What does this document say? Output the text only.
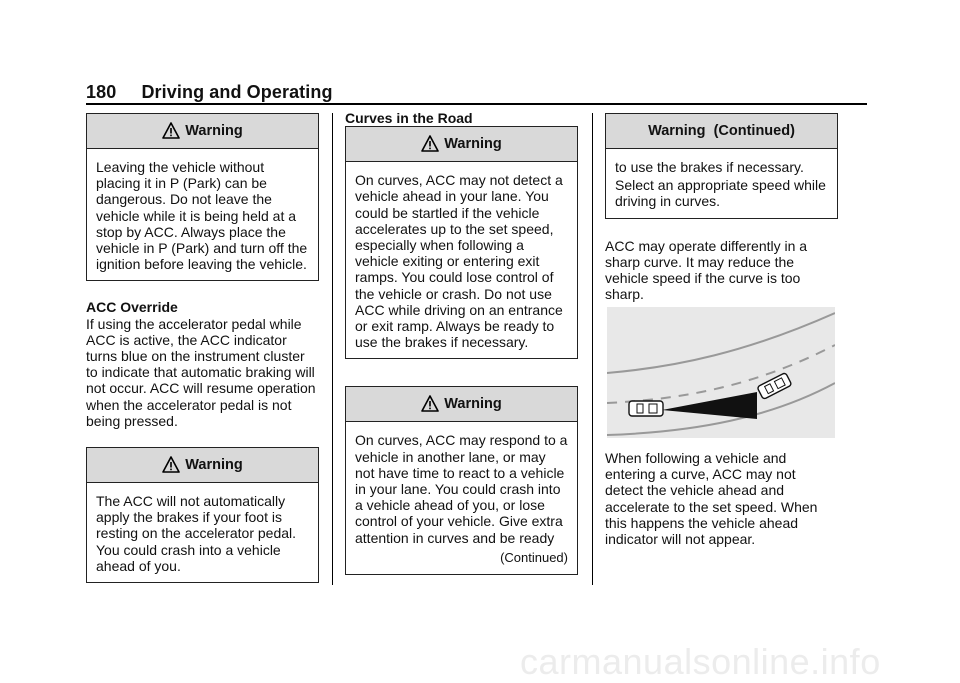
180 Driving and Operating
Warning
Leaving the vehicle without placing it in P (Park) can be dangerous. Do not leave the vehicle while it is being held at a stop by ACC. Always place the vehicle in P (Park) and turn off the ignition before leaving the vehicle.

ACC Override

If using the accelerator pedal while ACC is active, the ACC indicator turns blue on the instrument cluster to indicate that automatic braking will not occur. ACC will resume operation when the accelerator pedal is not being pressed.

Warning
The ACC will not automatically apply the brakes if your foot is resting on the accelerator pedal. You could crash into a vehicle ahead of you.

Curves in the Road

Warning
On curves, ACC may not detect a vehicle ahead in your lane. You could be startled if the vehicle accelerates up to the set speed, especially when following a vehicle exiting or entering exit ramps. You could lose control of the vehicle or crash. Do not use ACC while driving on an entrance or exit ramp. Always be ready to use the brakes if necessary.
Warning
On curves, ACC may respond to a vehicle in another lane, or may not have time to react to a vehicle in your lane. You could crash into a vehicle ahead of you, or lose control of your vehicle. Give extra attention in curves and be ready
(Continued)
Warning  (Continued)
to use the brakes if necessary.
Select an appropriate speed while driving in curves.

ACC may operate differently in a sharp curve. It may reduce the vehicle speed if the curve is too sharp.

When following a vehicle and entering a curve, ACC may not detect the vehicle ahead and accelerate to the set speed. When this happens the vehicle ahead indicator will not appear.
carmanualsonline.info
